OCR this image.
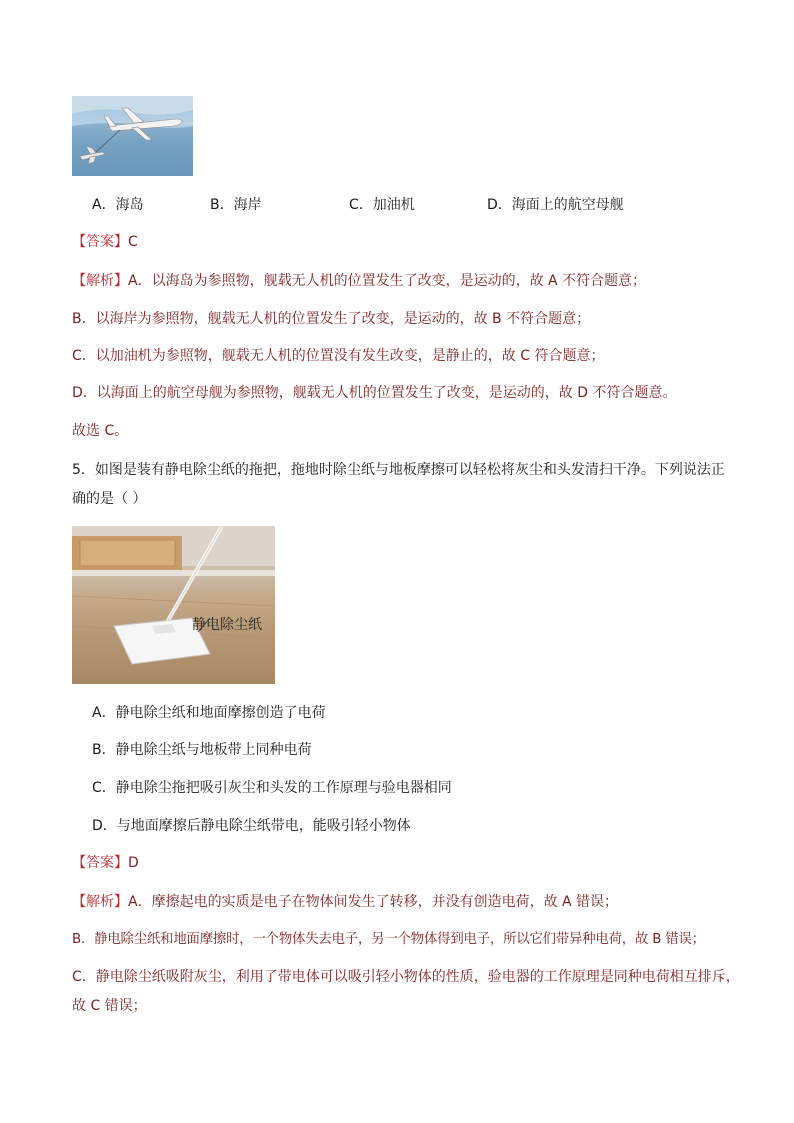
A．海岛	B．海岸	C．加油机	D．海面上的航空母舰
【答案】C
【解析】A．以海岛为参照物，舰载无人机的位置发生了改变，是运动的，故 A 不符合题意；
B．以海岸为参照物，舰载无人机的位置发生了改变，是运动的，故 B 不符合题意；
C．以加油机为参照物，舰载无人机的位置没有发生改变，是静止的，故 C 符合题意；
D．以海面上的航空母舰为参照物，舰载无人机的位置发生了改变，是运动的，故 D 不符合题意。
故选 C。
5．如图是装有静电除尘纸的拖把，拖地时除尘纸与地板摩擦可以轻松将灰尘和头发清扫干净。下列说法正
确的是（ ）
静电除尘纸
A．静电除尘纸和地面摩擦创造了电荷
B．静电除尘纸与地板带上同种电荷
C．静电除尘拖把吸引灰尘和头发的工作原理与验电器相同
D．与地面摩擦后静电除尘纸带电，能吸引轻小物体
【答案】D
【解析】A．摩擦起电的实质是电子在物体间发生了转移，并没有创造电荷，故 A 错误；
B．静电除尘纸和地面摩擦时，一个物体失去电子，另一个物体得到电子，所以它们带异种电荷，故 B 错误；
C．静电除尘纸吸附灰尘，利用了带电体可以吸引轻小物体的性质，验电器的工作原理是同种电荷相互排斥，
故 C 错误；
